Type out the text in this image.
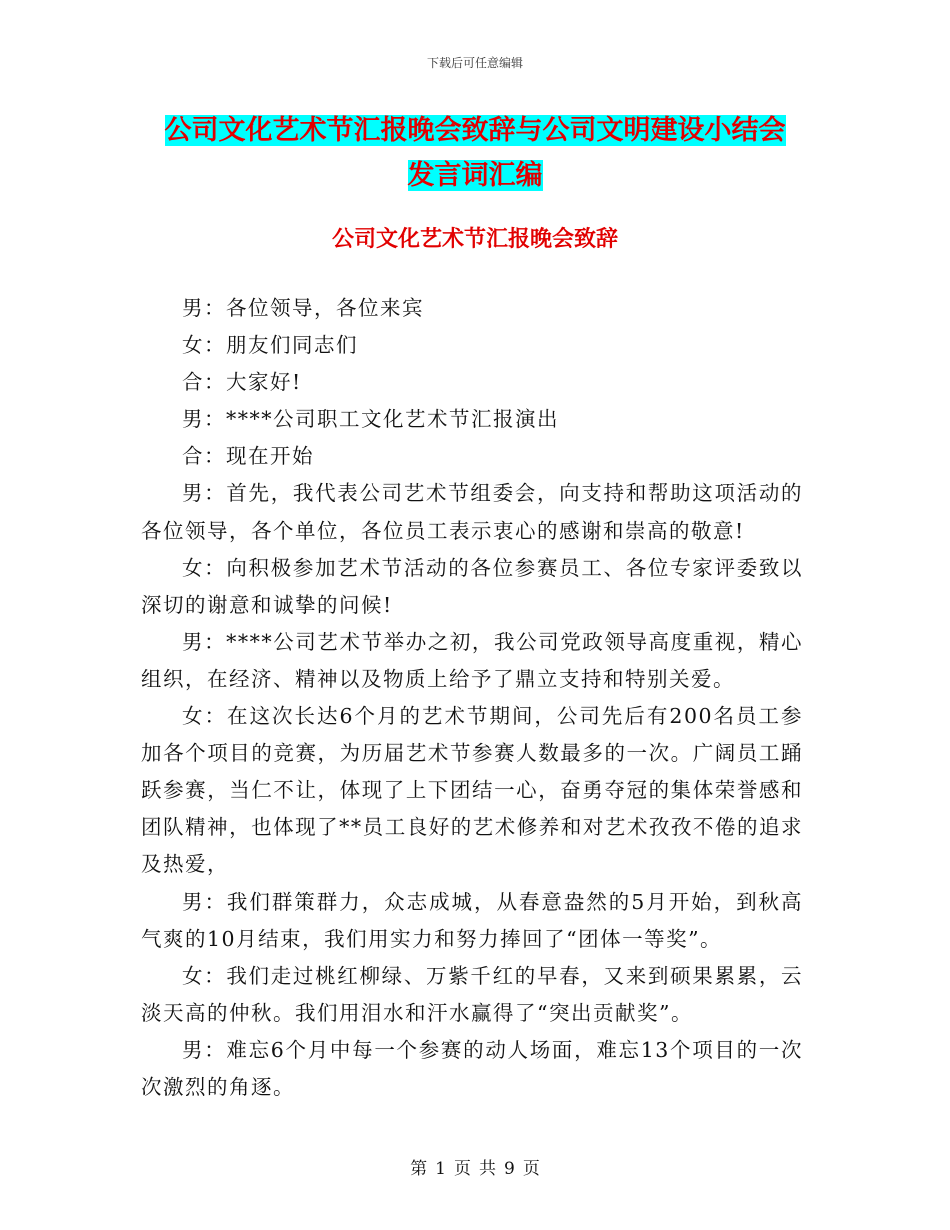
下载后可任意编辑
公司文化艺术节汇报晚会致辞与公司文明建设小结会
发言词汇编
公司文化艺术节汇报晚会致辞

男：各位领导，各位来宾

女：朋友们同志们

合：大家好!

男：****公司职工文化艺术节汇报演出

合：现在开始

男：首先，我代表公司艺术节组委会，向支持和帮助这项活动的各位领导，各个单位，各位员工表示衷心的感谢和崇高的敬意!

女：向积极参加艺术节活动的各位参赛员工、各位专家评委致以深切的谢意和诚挚的问候!

男：****公司艺术节举办之初，我公司党政领导高度重视，精心组织，在经济、精神以及物质上给予了鼎立支持和特别关爱。

女：在这次长达6个月的艺术节期间，公司先后有200名员工参加各个项目的竞赛，为历届艺术节参赛人数最多的一次。广阔员工踊跃参赛，当仁不让，体现了上下团结一心，奋勇夺冠的集体荣誉感和团队精神，也体现了**员工良好的艺术修养和对艺术孜孜不倦的追求及热爱，

男：我们群策群力，众志成城，从春意盎然的5月开始，到秋高气爽的10月结束，我们用实力和努力捧回了“团体一等奖”。

女：我们走过桃红柳绿、万紫千红的早春，又来到硕果累累，云淡天高的仲秋。我们用泪水和汗水赢得了“突出贡献奖”。

男：难忘6个月中每一个参赛的动人场面，难忘13个项目的一次次激烈的角逐。

第 1 页 共 9 页
